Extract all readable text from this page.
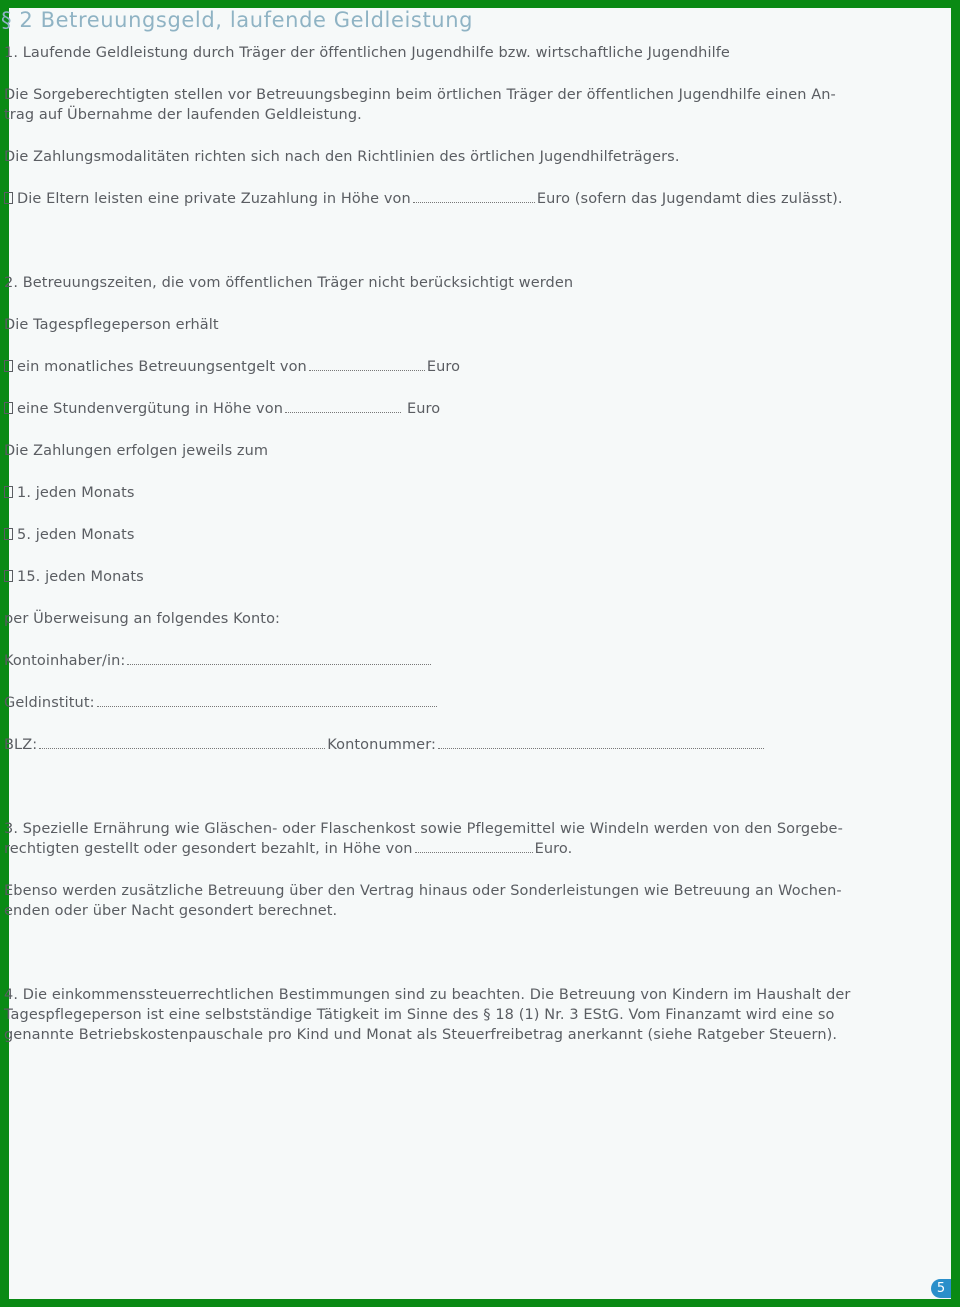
§ 2 Betreuungsgeld, laufende Geldleistung

1. Laufende Geldleistung durch Träger der öffentlichen Jugendhilfe bzw. wirtschaftliche Jugendhilfe

Die Sorgeberechtigten stellen vor Betreuungsbeginn beim örtlichen Träger der öffentlichen Jugendhilfe einen An-

trag auf Übernahme der laufenden Geldleistung.

Die Zahlungsmodalitäten richten sich nach den Richtlinien des örtlichen Jugendhilfeträgers.

Die Eltern leisten eine private Zuzahlung in Höhe von	Euro (sofern das Jugendamt dies zulässt).

2. Betreuungszeiten, die vom öffentlichen Träger nicht berücksichtigt werden

Die Tagespflegeperson erhält

ein monatliches Betreuungsentgelt von	Euro

eine Stundenvergütung in Höhe von	Euro

Die Zahlungen erfolgen jeweils zum

1. jeden Monats

5. jeden Monats

15. jeden Monats

per Überweisung an folgendes Konto:

Kontoinhaber/in:

Geldinstitut:

BLZ:	Kontonummer:

3. Spezielle Ernährung wie Gläschen- oder Flaschenkost sowie Pflegemittel wie Windeln werden von den Sorgebe-

rechtigten gestellt oder gesondert bezahlt, in Höhe von	Euro.

Ebenso werden zusätzliche Betreuung über den Vertrag hinaus oder Sonderleistungen wie Betreuung an Wochen-

enden oder über Nacht gesondert berechnet.

4. Die einkommenssteuerrechtlichen Bestimmungen sind zu beachten. Die Betreuung von Kindern im Haushalt der

Tagespflegeperson ist eine selbstständige Tätigkeit im Sinne des § 18 (1) Nr. 3 EStG. Vom Finanzamt wird eine so

genannte Betriebskostenpauschale pro Kind und Monat als Steuerfreibetrag anerkannt (siehe Ratgeber Steuern).

5
